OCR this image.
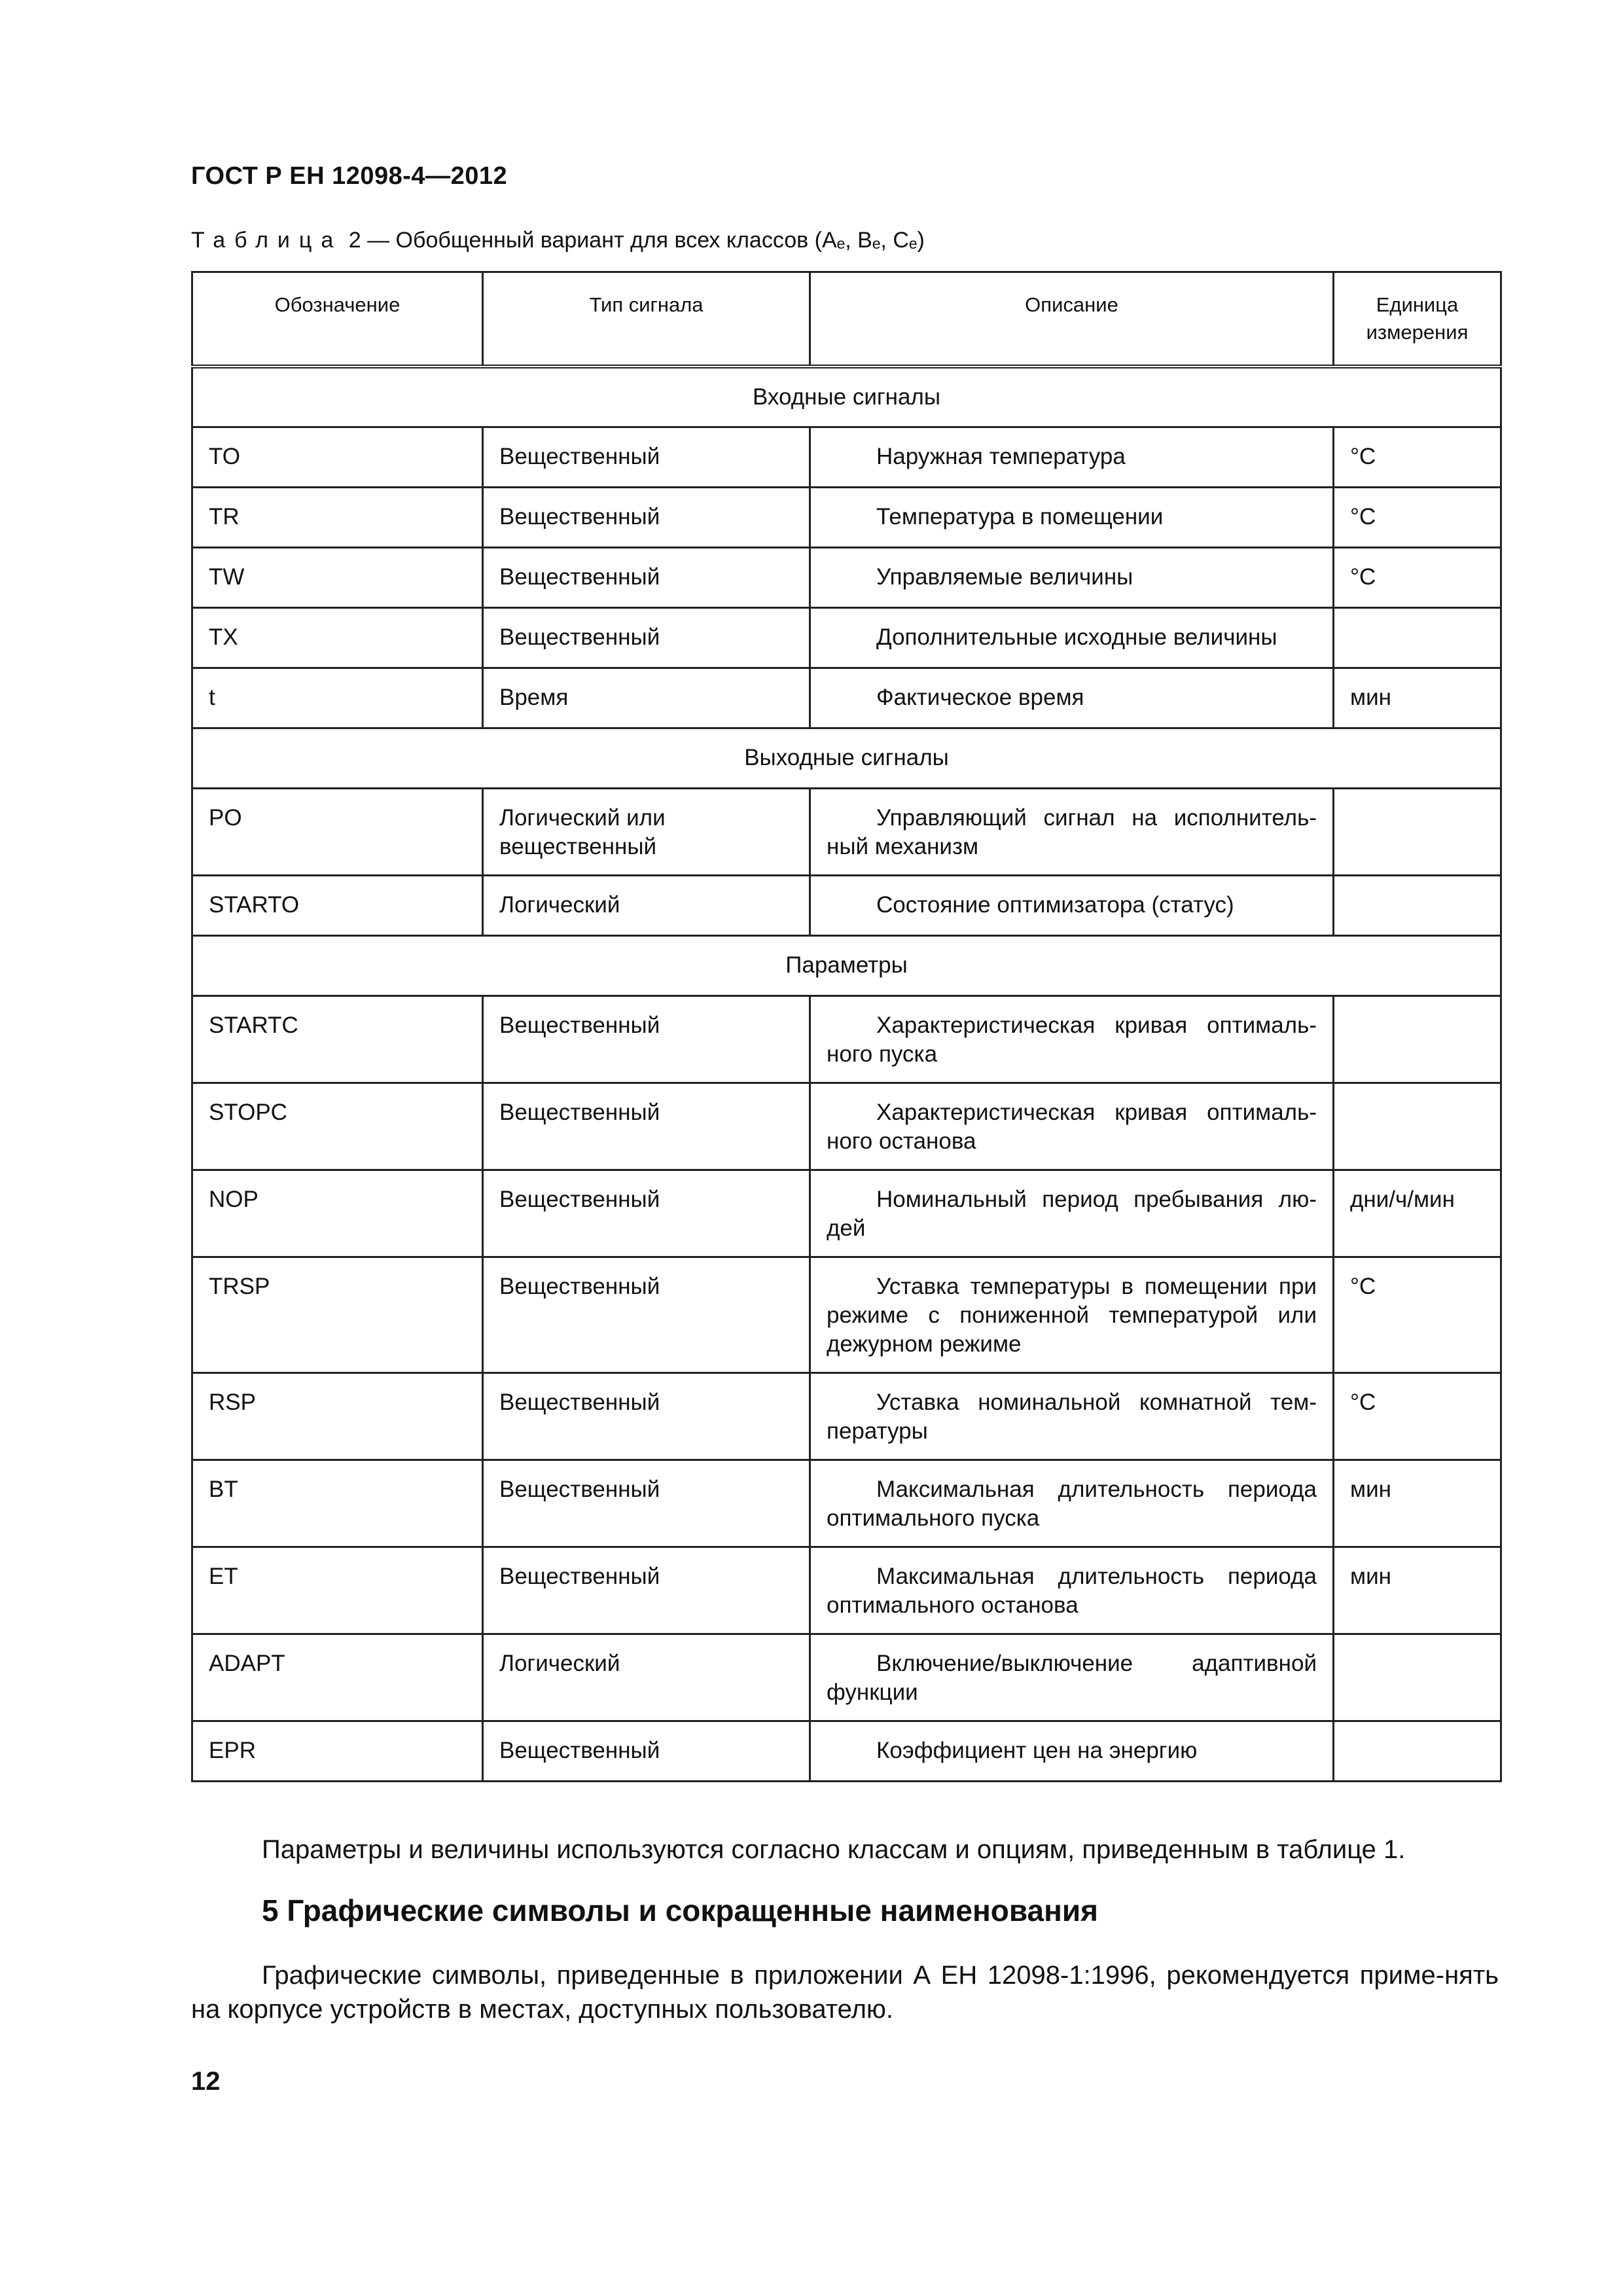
ГОСТ Р ЕН 12098-4—2012
Таблица 2 — Обобщенный вариант для всех классов (Aₑ, Bₑ, Cₑ)
Обозначение	Тип сигнала	Описание	Единица измерения
Входные сигналы			
TO	Вещественный	Наружная температура	°C
TR	Вещественный	Температура в помещении	°C
TW	Вещественный	Управляемые величины	°C
TX	Вещественный	Дополнительные исходные величины	

t	Время	Фактическое время	мин
Выходные сигналы			
PO	Логический или вещественный	Управляющий сигнал на исполнитель-ный механизм	

STARTO	Логический	Состояние оптимизатора (статус)	

Параметры			
STARTC	Вещественный	Характеристическая кривая оптималь-ного пуска	

STOPC	Вещественный	Характеристическая кривая оптималь-ного останова	

NOP	Вещественный	Номинальный период пребывания лю-дей	дни/ч/мин
TRSP	Вещественный	Уставка температуры в помещении при режиме с пониженной температурой или дежурном режиме	°C
RSP	Вещественный	Уставка номинальной комнатной тем-пературы	°C
BT	Вещественный	Максимальная длительность периода оптимального пуска	мин
ET	Вещественный	Максимальная длительность периода оптимального останова	мин
ADAPT	Логический	Включение/выключение адаптивной функции	

EPR	Вещественный	Коэффициент цен на энергию	

Параметры и величины используются согласно классам и опциям, приведенным в таблице 1.
5 Графические символы и сокращенные наименования
Графические символы, приведенные в приложении А ЕН 12098-1:1996, рекомендуется приме-нять на корпусе устройств в местах, доступных пользователю.
12
